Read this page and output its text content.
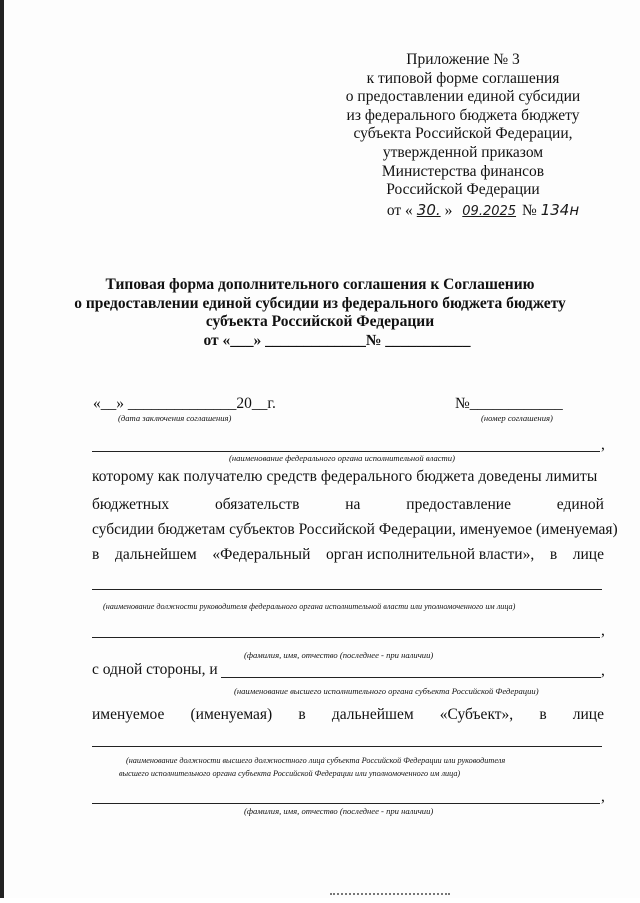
Приложение № 3
к типовой форме соглашения
о предоставлении единой субсидии
из федерального бюджета бюджету
субъекта Российской Федерации,
утвержденной приказом
Министерства финансов
Российской Федерации
от « 30. » 09.2025 № 134н
Типовая форма дополнительного соглашения к Соглашению
о предоставлении единой субсидии из федерального бюджета бюджету
субъекта Российской Федерации
от «___» _____________№ ___________
«__» ______________20__г.
(дата заключения соглашения)
№____________
(номер соглашения)
,
(наименование федерального органа исполнительной власти)
которому как получателю средств федерального бюджета доведены лимиты
бюджетных	обязательств	на	предоставление	единой
субсидии бюджетам субъектов Российской Федерации, именуемое (именуемая)
в дальнейшем «Федеральный орган исполнительной власти», в лице
(наименование должности руководителя федерального органа исполнительной власти или уполномоченного им лица)
,
(фамилия, имя, отчество (последнее - при наличии)
с одной стороны, и	,
(наименование высшего исполнительного органа субъекта Российской Федерации)
именуемое (именуемая) в дальнейшем «Субъект», в лице
(наименование должности высшего должностного лица субъекта Российской Федерации или руководителя
высшего исполнительного органа субъекта Российской Федерации или уполномоченного им лица)
,
(фамилия, имя, отчество (последнее - при наличии)
